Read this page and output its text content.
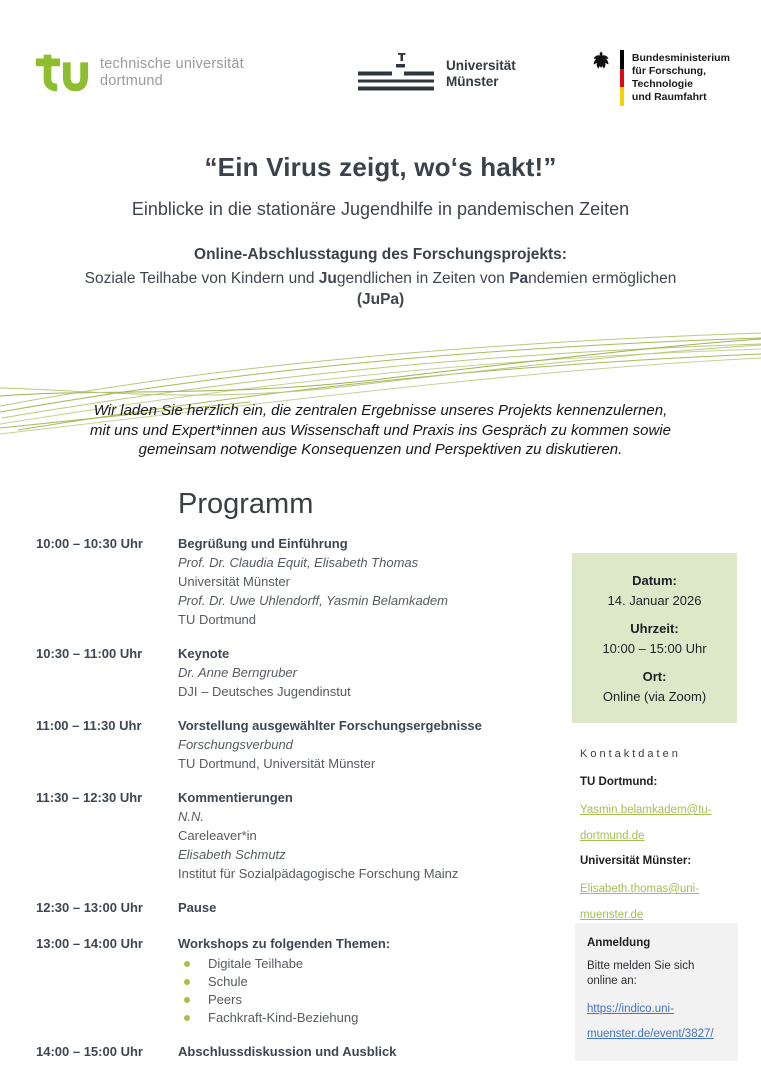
technische universität
dortmund
Universität
Münster
Bundesministerium
für Forschung, Technologie
und Raumfahrt
“Ein Virus zeigt, wo‘s hakt!”
Einblicke in die stationäre Jugendhilfe in pandemischen Zeiten
Online-Abschlusstagung des Forschungsprojekts:
Soziale Teilhabe von Kindern und Jugendlichen in Zeiten von Pandemien ermöglichen (JuPa)
Wir laden Sie herzlich ein, die zentralen Ergebnisse unseres Projekts kennenzulernen,
mit uns und Expert*innen aus Wissenschaft und Praxis ins Gespräch zu kommen sowie
gemeinsam notwendige Konsequenzen und Perspektiven zu diskutieren.
Programm
10:00 – 10:30 Uhr	Begrüßung und Einführung
Prof. Dr. Claudia Equit, Elisabeth Thomas
Universität Münster
Prof. Dr. Uwe Uhlendorff, Yasmin Belamkadem
TU Dortmund
10:30 – 11:00 Uhr	Keynote
Dr. Anne Berngruber
DJI – Deutsches Jugendinstut
11:00 – 11:30 Uhr	Vorstellung ausgewählter Forschungsergebnisse
Forschungsverbund
TU Dortmund, Universität Münster
11:30 – 12:30 Uhr	Kommentierungen
N.N.
Careleaver*in
Elisabeth Schmutz
Institut für Sozialpädagogische Forschung Mainz
12:30 – 13:00 Uhr	Pause
13:00 – 14:00 Uhr	Workshops zu folgenden Themen:
Digitale Teilhabe
Schule
Peers
Fachkraft-Kind-Beziehung
14:00 – 15:00 Uhr	Abschlussdiskussion und Ausblick
Datum:
14. Januar 2026
Uhrzeit:
10:00 – 15:00 Uhr
Ort:
Online (via Zoom)
Kontaktdaten
TU Dortmund:
Yasmin.belamkadem@tu-dortmund.de
Universität Münster:
Elisabeth.thomas@uni-muenster.de
Anmeldung
Bitte melden Sie sich online an:
https://indico.uni-muenster.de/event/3827/
